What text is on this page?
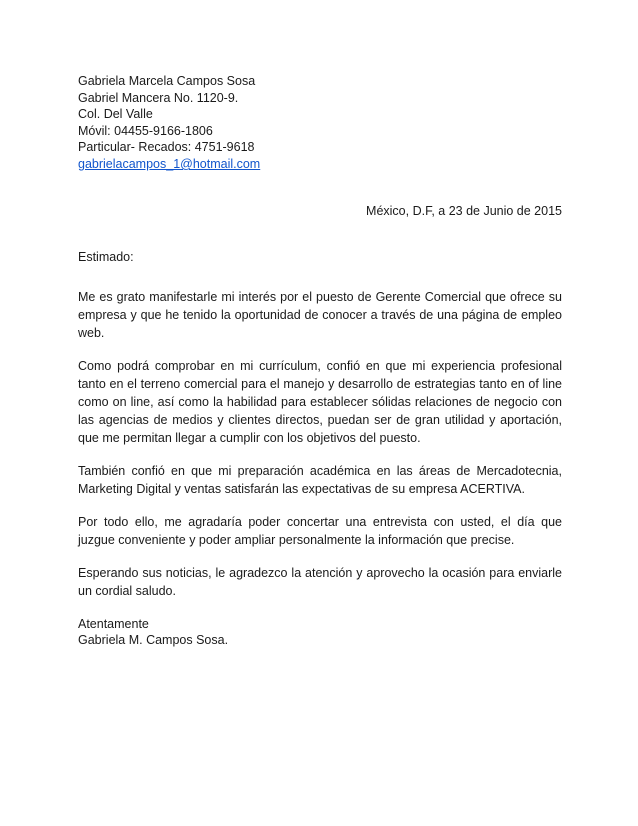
Gabriela Marcela Campos Sosa
Gabriel Mancera No. 1120-9.
Col. Del Valle
Móvil: 04455-9166-1806
Particular- Recados: 4751-9618
gabrielacampos_1@hotmail.com
México, D.F, a 23 de Junio de 2015

Estimado:

Me es grato manifestarle mi interés por el puesto de Gerente Comercial que ofrece su empresa y que he tenido la oportunidad de conocer a través de una página de empleo web.

Como podrá comprobar en mi currículum, confió en que mi experiencia profesional tanto en el terreno comercial para el manejo y desarrollo de estrategias tanto en of line como on line, así como la habilidad para establecer sólidas relaciones de negocio con las agencias de medios y clientes directos, puedan ser de gran utilidad y aportación, que me permitan llegar a cumplir con los objetivos del puesto.

También confió en que mi preparación académica en las áreas de Mercadotecnia, Marketing Digital y ventas satisfarán las expectativas de su empresa ACERTIVA.

Por todo ello, me agradaría poder concertar una entrevista con usted, el día que juzgue conveniente y poder ampliar personalmente la información que precise.

Esperando sus noticias, le agradezco la atención y aprovecho la ocasión para enviarle un cordial saludo.

Atentamente

Gabriela M. Campos Sosa.
